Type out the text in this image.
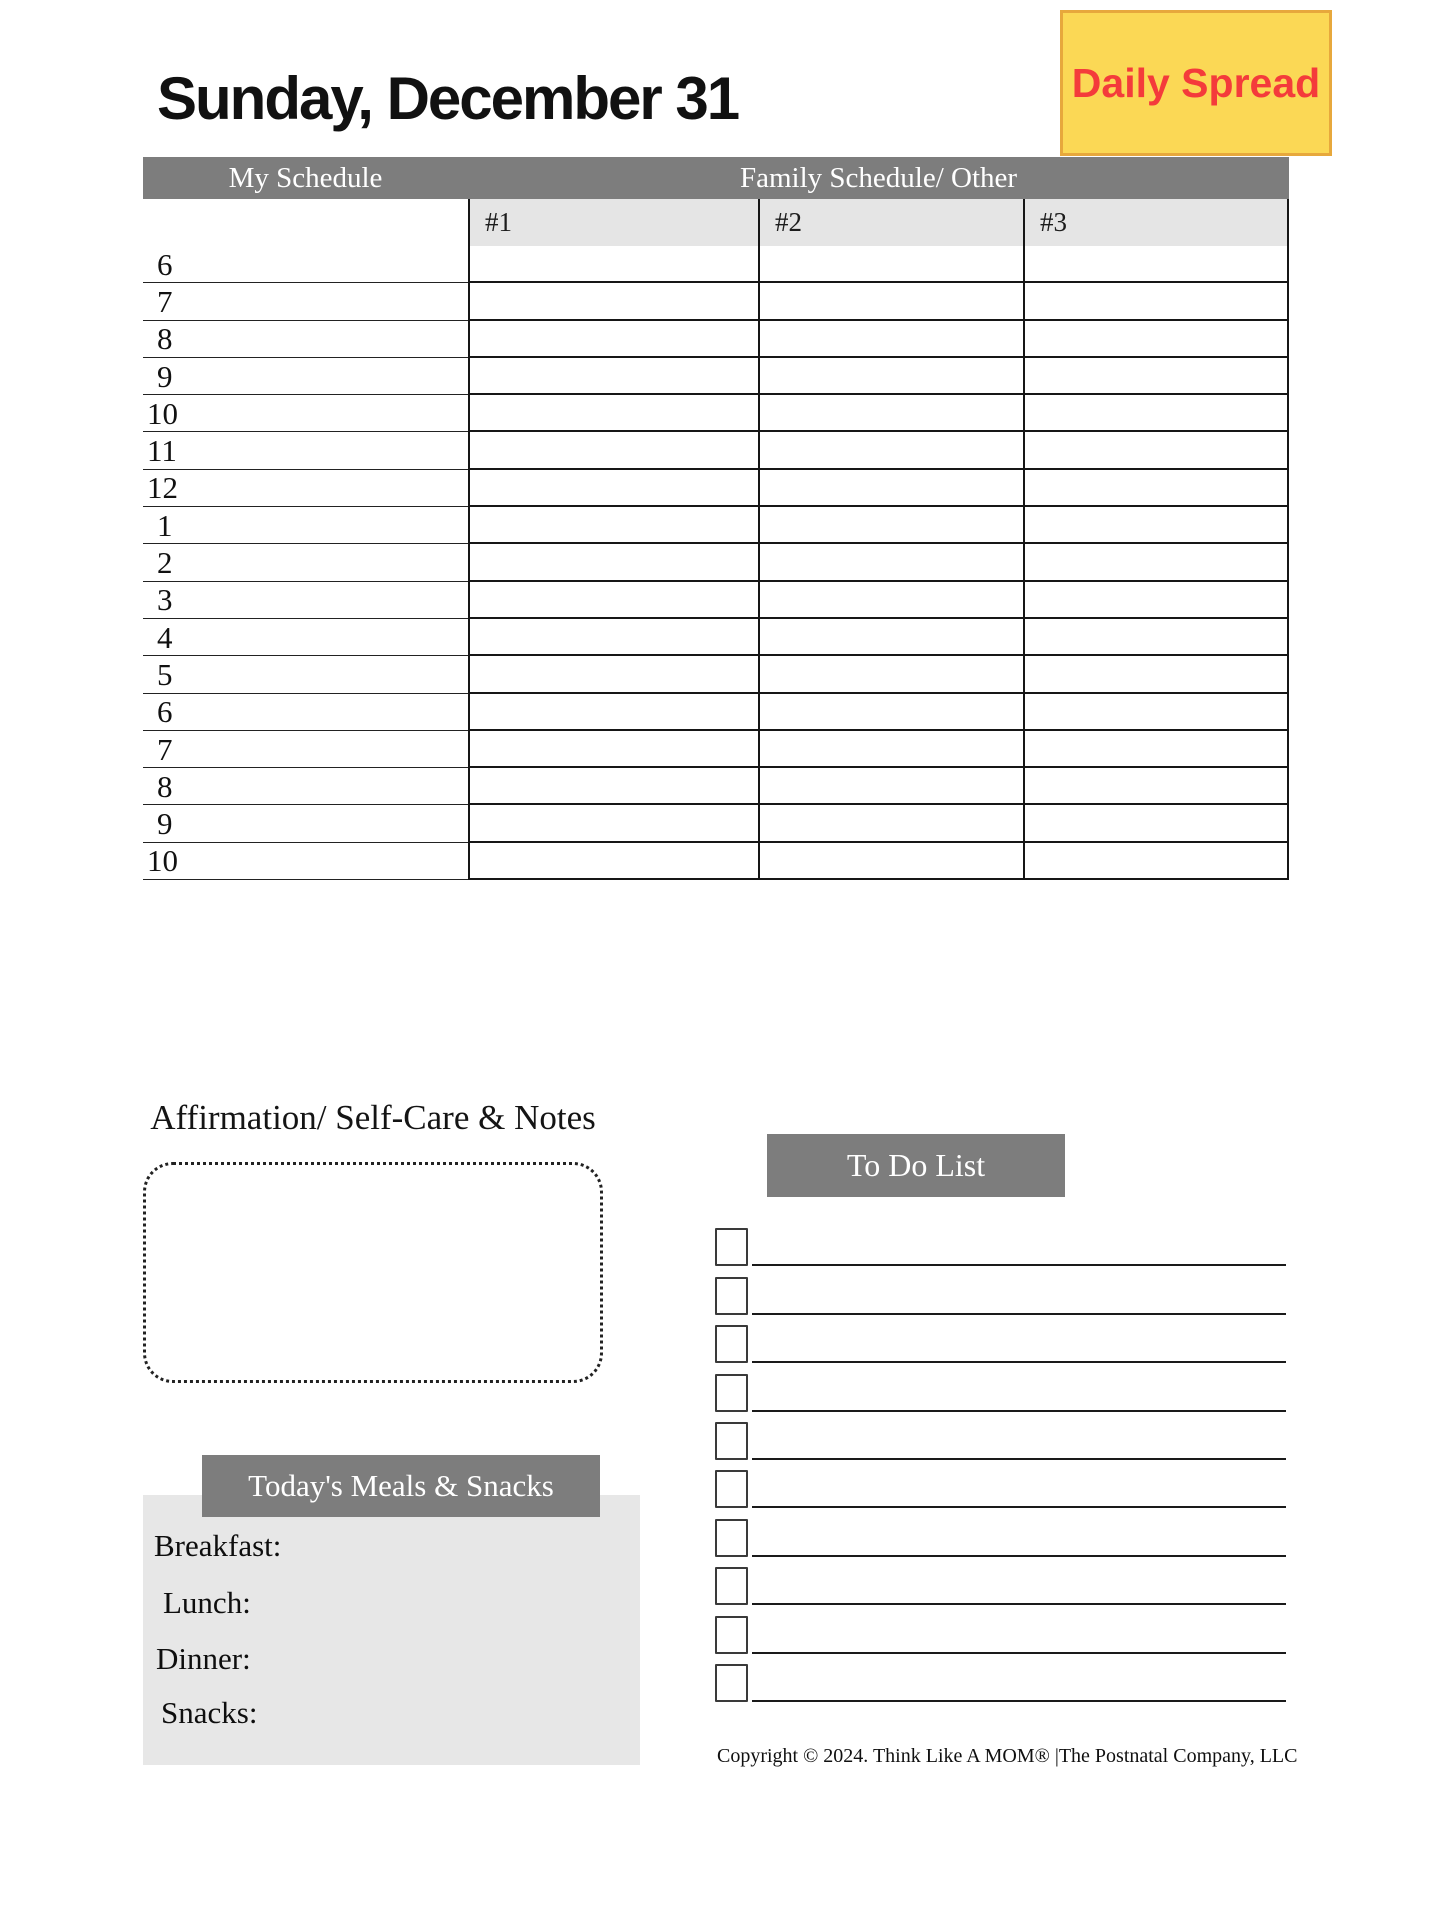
Sunday, December 31	Daily Spread
My Schedule	Family Schedule/ Other
#1	#2	#3
6
7
8
9
10
11
12
1
2
3
4
5
6
7
8
9
10
Affirmation/ Self-Care & Notes
To Do List
Today's Meals & Snacks
Breakfast:
Lunch:
Dinner:
Snacks:
Copyright © 2024. Think Like A MOM® |The Postnatal Company, LLC
